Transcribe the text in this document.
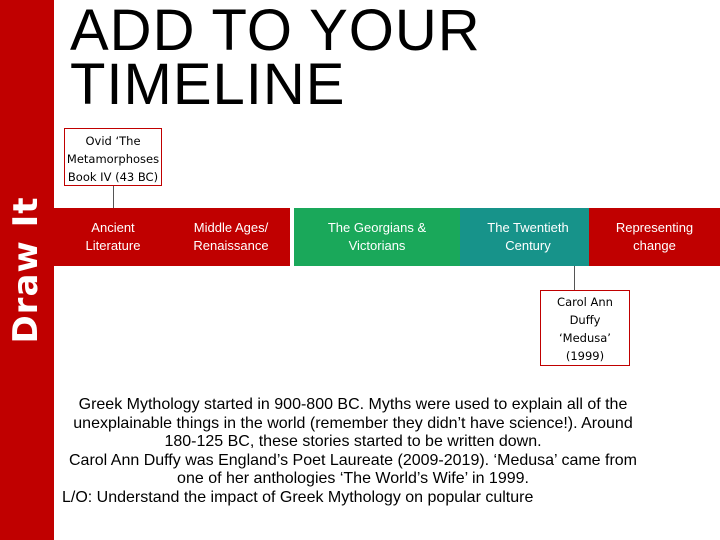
Draw It
ADD TO YOUR
TIMELINE
Ovid ‘The
Metamorphoses
Book IV (43 BC)
Ancient
Literature
Middle Ages/
Renaissance
The Georgians &
Victorians
The Twentieth
Century
Representing
change
Carol Ann
Duffy
‘Medusa’
(1999)

Greek Mythology started in 900-800 BC. Myths were used to explain all of the unexplainable things in the world (remember they didn’t have science!). Around 180-125 BC, these stories started to be written down.

Carol Ann Duffy was England’s Poet Laureate (2009-2019). ‘Medusa’ came from one of her anthologies ‘The World’s Wife’ in 1999.

L/O: Understand the impact of Greek Mythology on popular culture
